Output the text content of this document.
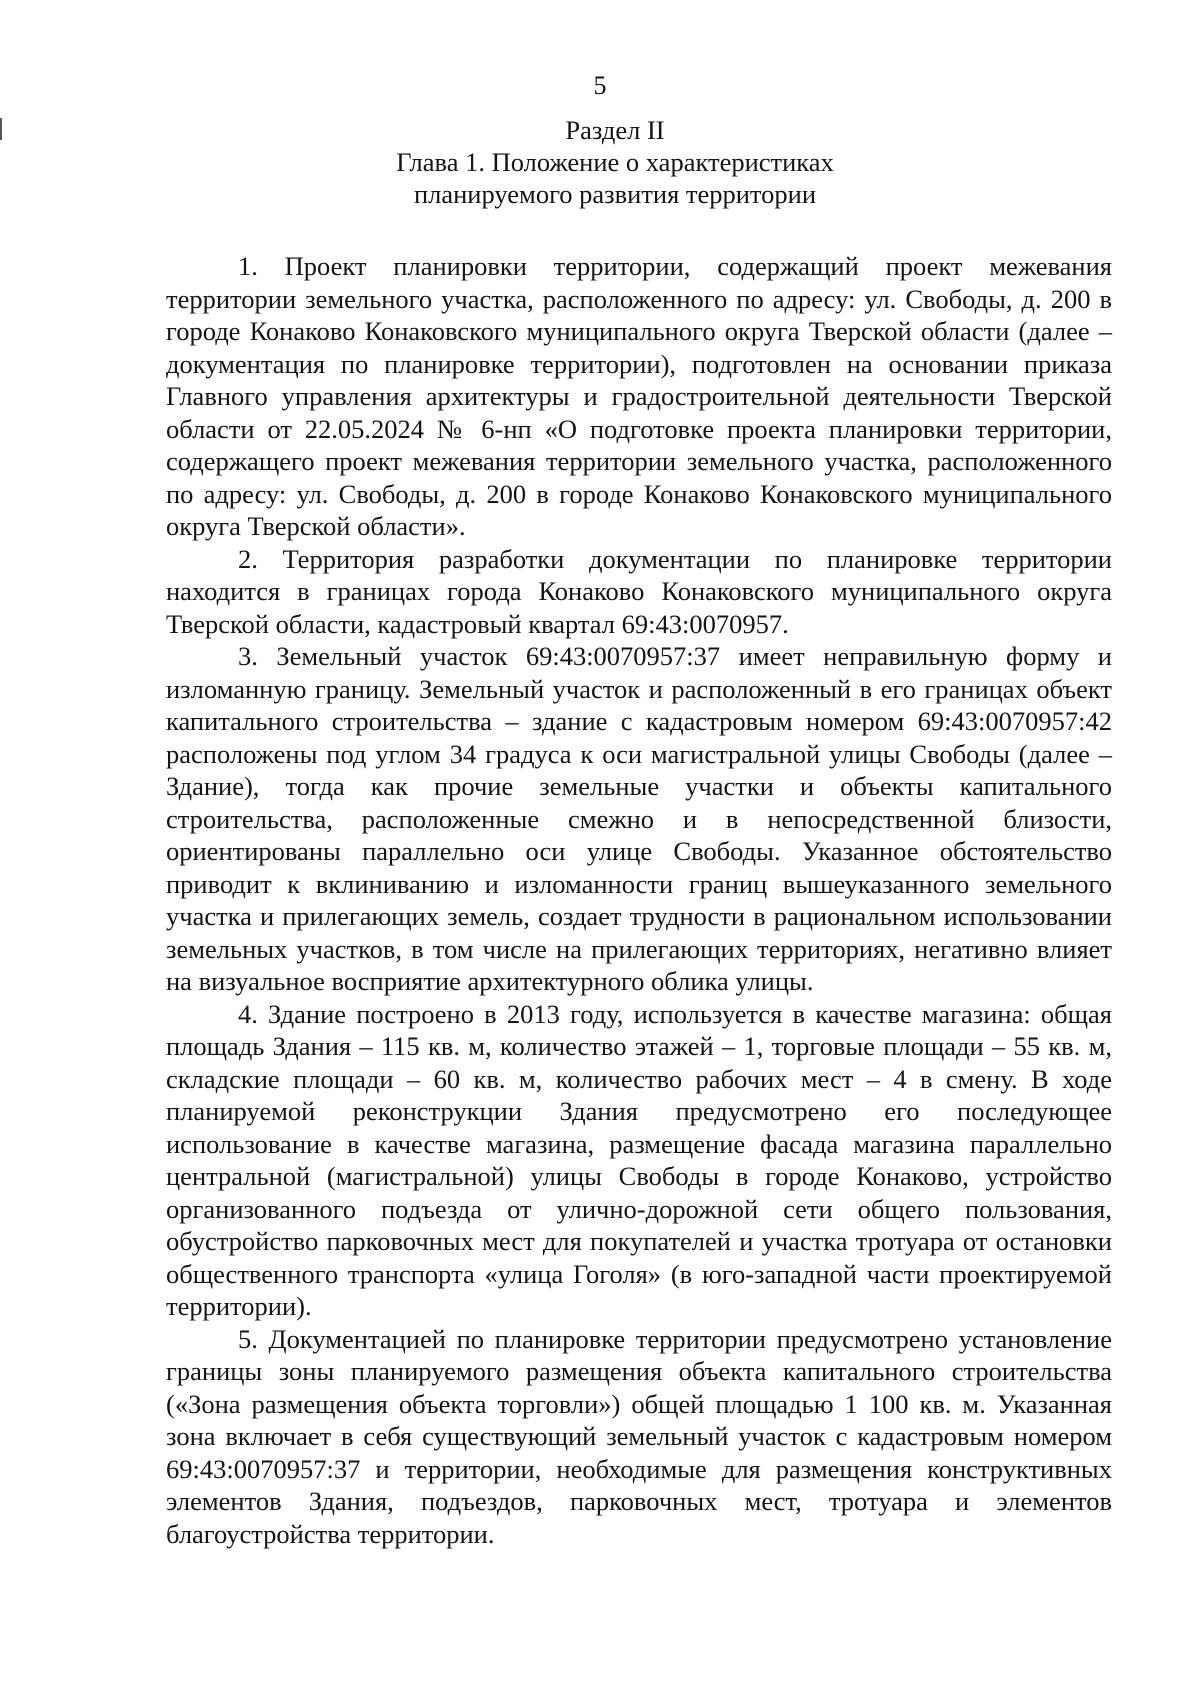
5
Раздел II
Глава 1. Положение о характеристиках
планируемого развития территории

1. Проект планировки территории, содержащий проект межевания территории земельного участка, расположенного по адресу: ул. Свободы, д. 200 в городе Конаково Конаковского муниципального округа Тверской области (далее – документация по планировке территории), подготовлен на основании приказа Главного управления архитектуры и градостроительной деятельности Тверской области от 22.05.2024 № 6-нп «О подготовке проекта планировки территории, содержащего проект межевания территории земельного участка, расположенного по адресу: ул. Свободы, д. 200 в городе Конаково Конаковского муниципального округа Тверской области».

2. Территория разработки документации по планировке территории находится в границах города Конаково Конаковского муниципального округа Тверской области, кадастровый квартал 69:43:0070957.

3. Земельный участок 69:43:0070957:37 имеет неправильную форму и изломанную границу. Земельный участок и расположенный в его границах объект капитального строительства – здание с кадастровым номером 69:43:0070957:42 расположены под углом 34 градуса к оси магистральной улицы Свободы (далее – Здание), тогда как прочие земельные участки и объекты капитального строительства, расположенные смежно и в непосредственной близости, ориентированы параллельно оси улице Свободы. Указанное обстоятельство приводит к вклиниванию и изломанности границ вышеуказанного земельного участка и прилегающих земель, создает трудности в рациональном использовании земельных участков, в том числе на прилегающих территориях, негативно влияет на визуальное восприятие архитектурного облика улицы.

4. Здание построено в 2013 году, используется в качестве магазина: общая площадь Здания – 115 кв. м, количество этажей – 1, торговые площади – 55 кв. м, складские площади – 60 кв. м, количество рабочих мест – 4 в смену. В ходе планируемой реконструкции Здания предусмотрено его последующее использование в качестве магазина, размещение фасада магазина параллельно центральной (магистральной) улицы Свободы в городе Конаково, устройство организованного подъезда от улично-дорожной сети общего пользования, обустройство парковочных мест для покупателей и участка тротуара от остановки общественного транспорта «улица Гоголя» (в юго-западной части проектируемой территории).

5. Документацией по планировке территории предусмотрено установление границы зоны планируемого размещения объекта капитального строительства («Зона размещения объекта торговли») общей площадью 1 100 кв. м. Указанная зона включает в себя существующий земельный участок с кадастровым номером 69:43:0070957:37 и территории, необходимые для размещения конструктивных элементов Здания, подъездов, парковочных мест, тротуара и элементов благоустройства территории.
